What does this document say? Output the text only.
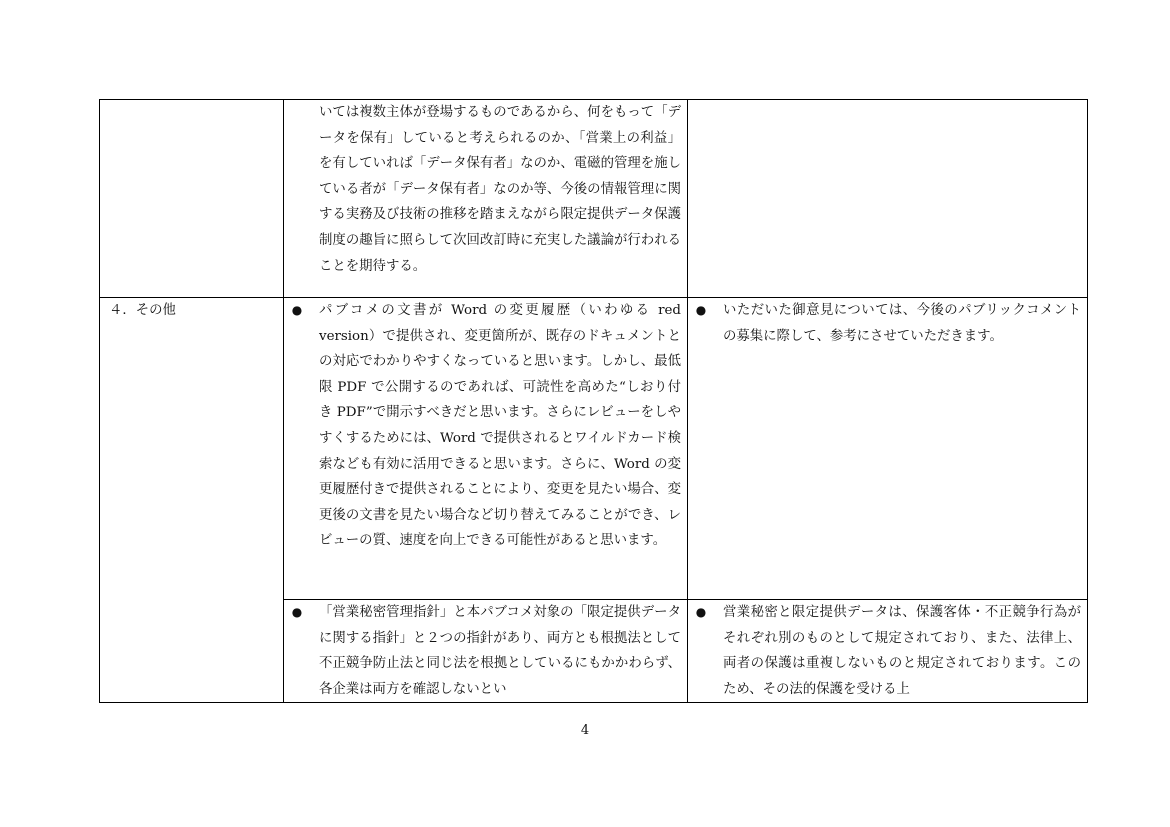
	いては複数主体が登場するものであるから、何をもって「データを保有」していると考えられるのか、「営業上の利益」を有していれば「データ保有者」なのか、電磁的管理を施している者が「データ保有者」なのか等、今後の情報管理に関する実務及び技術の推移を踏まえながら限定提供データ保護制度の趣旨に照らして次回改訂時に充実した議論が行われることを期待する。	

４．その他	● パブコメの文書が Word の変更履歴（いわゆる red version）で提供され、変更箇所が、既存のドキュメントとの対応でわかりやすくなっていると思います。しかし、最低限 PDF で公開するのであれば、可読性を高めた“しおり付き PDF”で開示すべきだと思います。さらにレビューをしやすくするためには、Word で提供されるとワイルドカード検索なども有効に活用できると思います。さらに、Word の変更履歴付きで提供されることにより、変更を見たい場合、変更後の文書を見たい場合など切り替えてみることができ、レビューの質、速度を向上できる可能性があると思います。	● いただいた御意見については、今後のパブリックコメントの募集に際して、参考にさせていただきます。

	● 「営業秘密管理指針」と本パブコメ対象の「限定提供データに関する指針」と２つの指針があり、両方とも根拠法として不正競争防止法と同じ法を根拠としているにもかかわらず、各企業は両方を確認しないとい	● 営業秘密と限定提供データは、保護客体・不正競争行為がそれぞれ別のものとして規定されており、また、法律上、両者の保護は重複しないものと規定されております。このため、その法的保護を受ける上
4
